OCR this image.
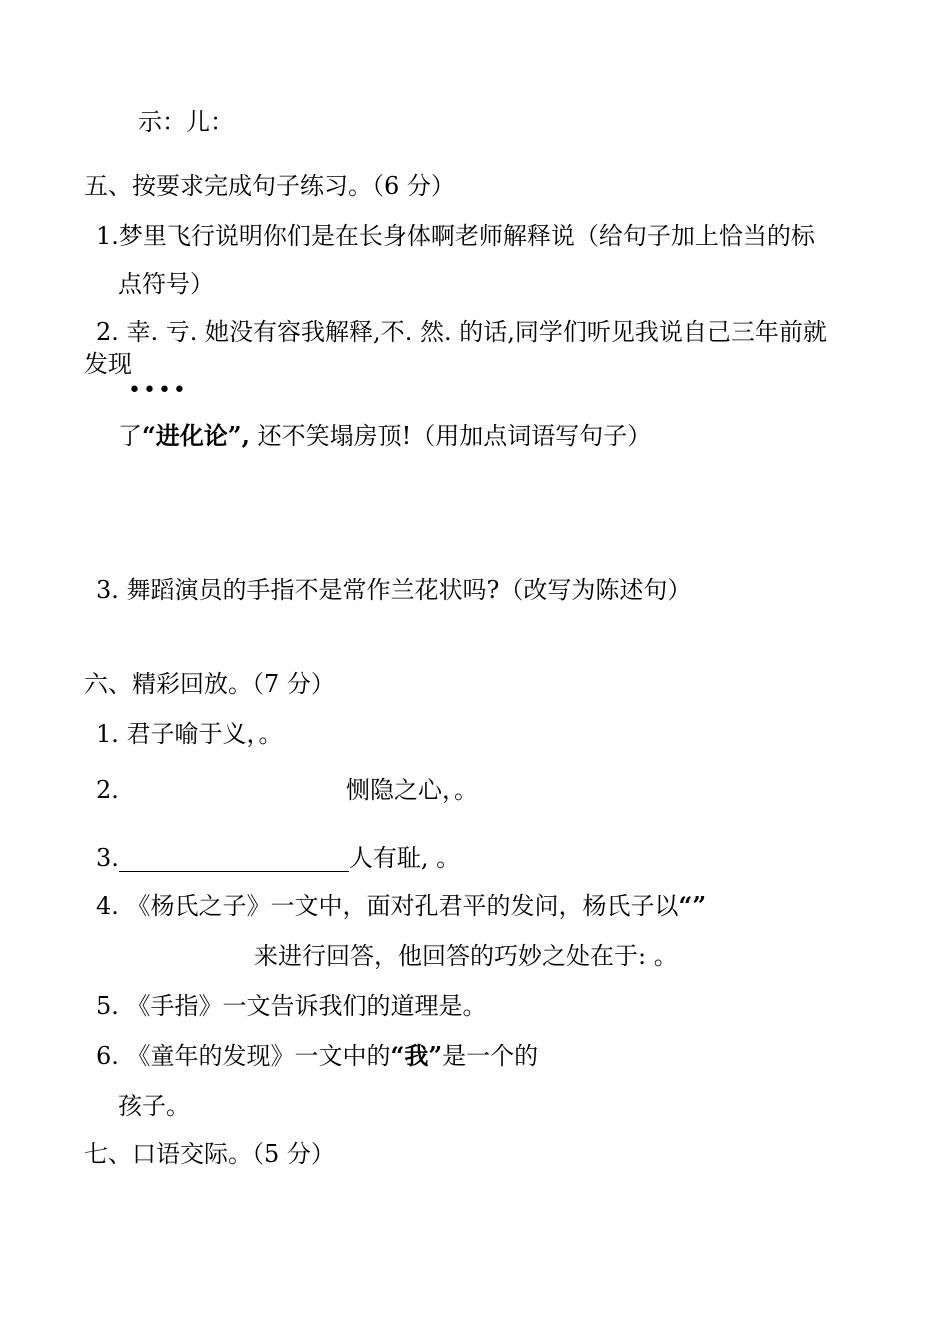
示：儿：
五、按要求完成句子练习。（6 分）
1.梦里飞行说明你们是在长身体啊老师解释说（给句子加上恰当的标
点符号）
2. 幸. 亏. 她没有容我解释,不. 然. 的话,同学们听见我说自己三年前就
发现
••••
了“进化论”, 还不笑塌房顶!（用加点词语写句子）
3. 舞蹈演员的手指不是常作兰花状吗?（改写为陈述句）
六、精彩回放。（7 分）
1. 君子喻于义，。
2.	恻隐之心，。
3.	人有耻, 。
4. 《杨氏之子》一文中，面对孔君平的发问，杨氏子以“”
来进行回答，他回答的巧妙之处在于: 。
5. 《手指》一文告诉我们的道理是。
6. 《童年的发现》一文中的“我”是一个的
孩子。
七、口语交际。（5 分）
